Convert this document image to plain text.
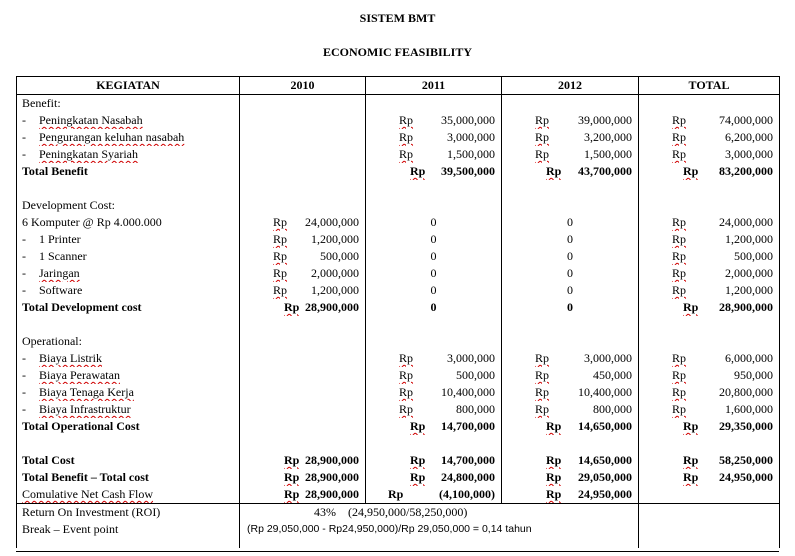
SISTEM BMT
ECONOMIC FEASIBILITY
KEGIATAN	2010	2011	2012	TOTAL

Benefit:				

- Peningkatan Nasabah		Rp 35,000,000	Rp 39,000,000	Rp 74,000,000

- Pengurangan keluhan nasabah		Rp 3,000,000	Rp 3,200,000	Rp 6,200,000

- Peningkatan Syariah		Rp 1,500,000	Rp 1,500,000	Rp 3,000,000

Total Benefit		Rp 39,500,000	Rp 43,700,000	Rp 83,200,000

Development Cost:				

6 Komputer @ Rp 4.000.000	Rp 24,000,000	0	0	Rp 24,000,000

- 1 Printer	Rp 1,200,000	0	0	Rp 1,200,000

- 1 Scanner	Rp 500,000	0	0	Rp 500,000

- Jaringan	Rp 2,000,000	0	0	Rp 2,000,000

- Software	Rp 1,200,000	0	0	Rp 1,200,000

Total Development cost	Rp 28,900,000	0	0	Rp 28,900,000

Operational:				

- Biaya Listrik		Rp 3,000,000	Rp 3,000,000	Rp 6,000,000

- Biaya Perawatan		Rp 500,000	Rp 450,000	Rp 950,000

- Biaya Tenaga Kerja		Rp 10,400,000	Rp 10,400,000	Rp 20,800,000

- Biaya Infrastruktur		Rp 800,000	Rp 800,000	Rp 1,600,000

Total Operational Cost		Rp 14,700,000	Rp 14,650,000	Rp 29,350,000

Total Cost	Rp 28,900,000	Rp 14,700,000	Rp 14,650,000	Rp 58,250,000

Total Benefit – Total cost	Rp 28,900,000	Rp 24,800,000	Rp 29,050,000	Rp 24,950,000

Comulative Net Cash Flow	Rp 28,900,000	Rp (4,100,000)	Rp 24,950,000	

Return On Investment (ROI)	43% (24,950,000/58,250,000)			

Break – Event point	(Rp 29,050,000 - Rp24,950,000)/Rp 29,050,000 = 0,14 tahun			
